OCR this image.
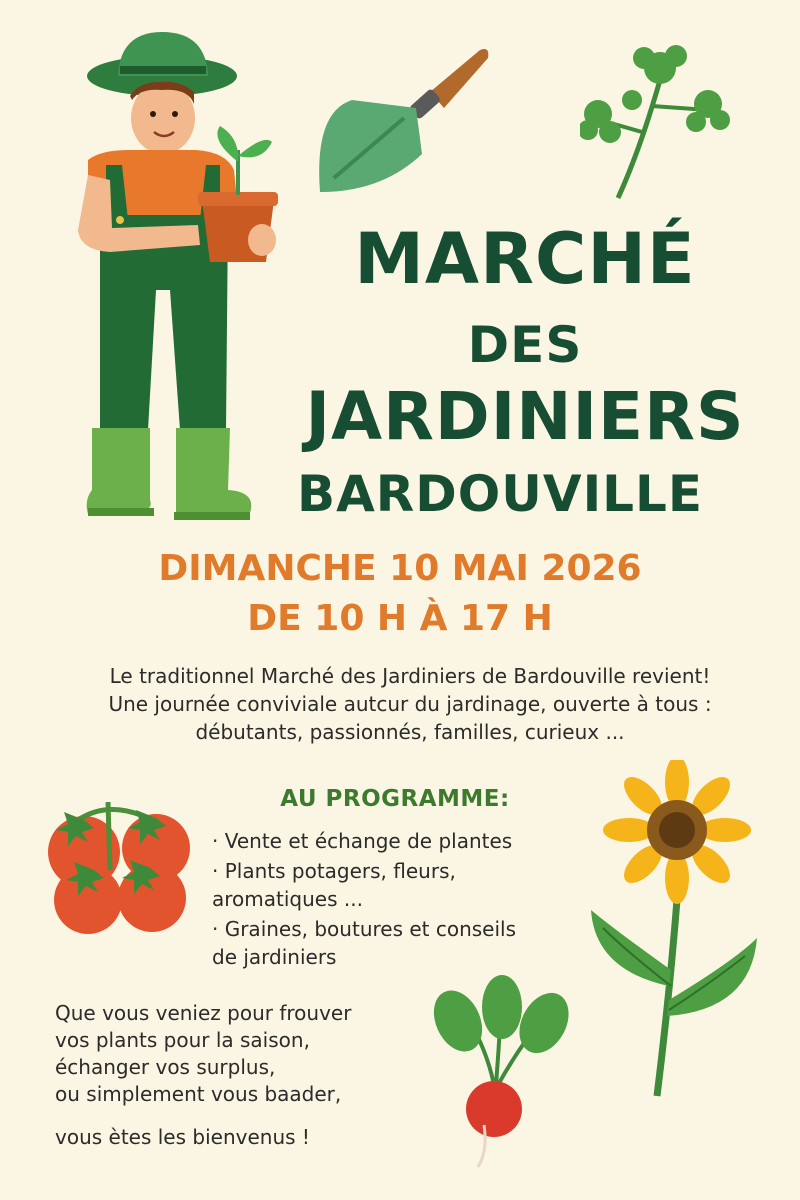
MARCHÉ
DES
JARDINIERS
BARDOUVILLE
DIMANCHE 10 MAI 2026
DE 10 H À 17 H
Le traditionnel Marché des Jardiniers de Bardouville revient!
Une journée conviviale autcur du jardinage, ouverte à tous :
débutants, passionnés, familles, curieux ...
AU PROGRAMME:
· Vente et échange de plantes
· Plants potagers, fleurs,
aromatiques ...
· Graines, boutures et conseils
de jardiniers
Que vous veniez pour frouver
vos plants pour la saison,
échanger vos surplus,
ou simplement vous baader,
vous ètes les bienvenus !
